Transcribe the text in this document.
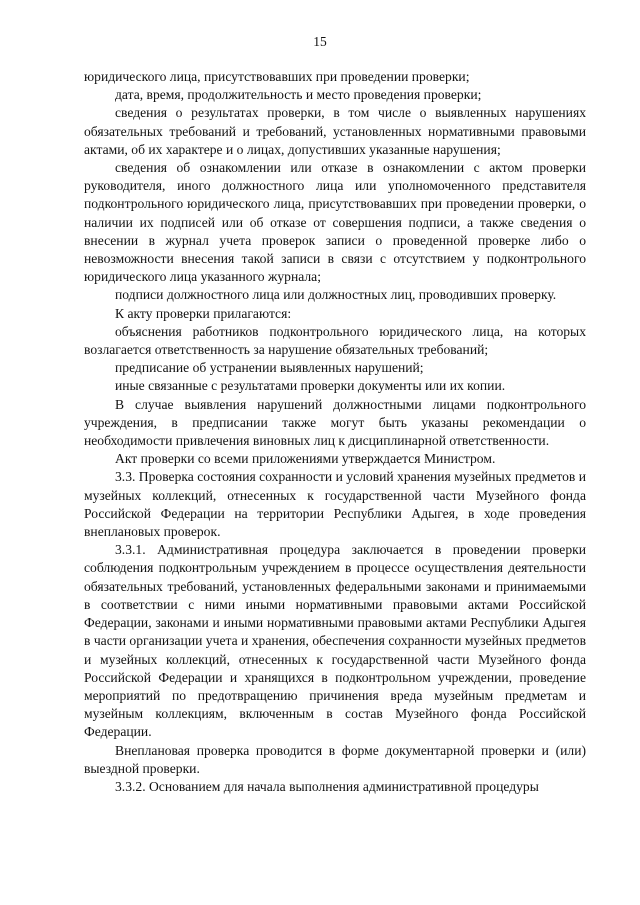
15

юридического лица, присутствовавших при проведении проверки;

дата, время, продолжительность и место проведения проверки;

сведения о результатах проверки, в том числе о выявленных нарушениях обязательных требований и требований, установленных нормативными правовыми актами, об их характере и о лицах, допустивших указанные нарушения;

сведения об ознакомлении или отказе в ознакомлении с актом проверки руководителя, иного должностного лица или уполномоченного представителя подконтрольного юридического лица, присутствовавших при проведении проверки, о наличии их подписей или об отказе от совершения подписи, а также сведения о внесении в журнал учета проверок записи о проведенной проверке либо о невозможности внесения такой записи в связи с отсутствием у подконтрольного юридического лица указанного журнала;

подписи должностного лица или должностных лиц, проводивших проверку.

К акту проверки прилагаются:

объяснения работников подконтрольного юридического лица, на которых возлагается ответственность за нарушение обязательных требований;

предписание об устранении выявленных нарушений;

иные связанные с результатами проверки документы или их копии.

В случае выявления нарушений должностными лицами подконтрольного учреждения, в предписании также могут быть указаны рекомендации о необходимости привлечения виновных лиц к дисциплинарной ответственности.

Акт проверки со всеми приложениями утверждается Министром.

3.3. Проверка состояния сохранности и условий хранения музейных предметов и музейных коллекций, отнесенных к государственной части Музейного фонда Российской Федерации на территории Республики Адыгея, в ходе проведения внеплановых проверок.

3.3.1. Административная процедура заключается в проведении проверки соблюдения подконтрольным учреждением в процессе осуществления деятельности обязательных требований, установленных федеральными законами и принимаемыми в соответствии с ними иными нормативными правовыми актами Российской Федерации, законами и иными нормативными правовыми актами Республики Адыгея в части организации учета и хранения, обеспечения сохранности музейных предметов и музейных коллекций, отнесенных к государственной части Музейного фонда Российской Федерации и хранящихся в подконтрольном учреждении, проведение мероприятий по предотвращению причинения вреда музейным предметам и музейным коллекциям, включенным в состав Музейного фонда Российской Федерации.

Внеплановая проверка проводится в форме документарной проверки и (или) выездной проверки.

3.3.2. Основанием для начала выполнения административной процедуры
